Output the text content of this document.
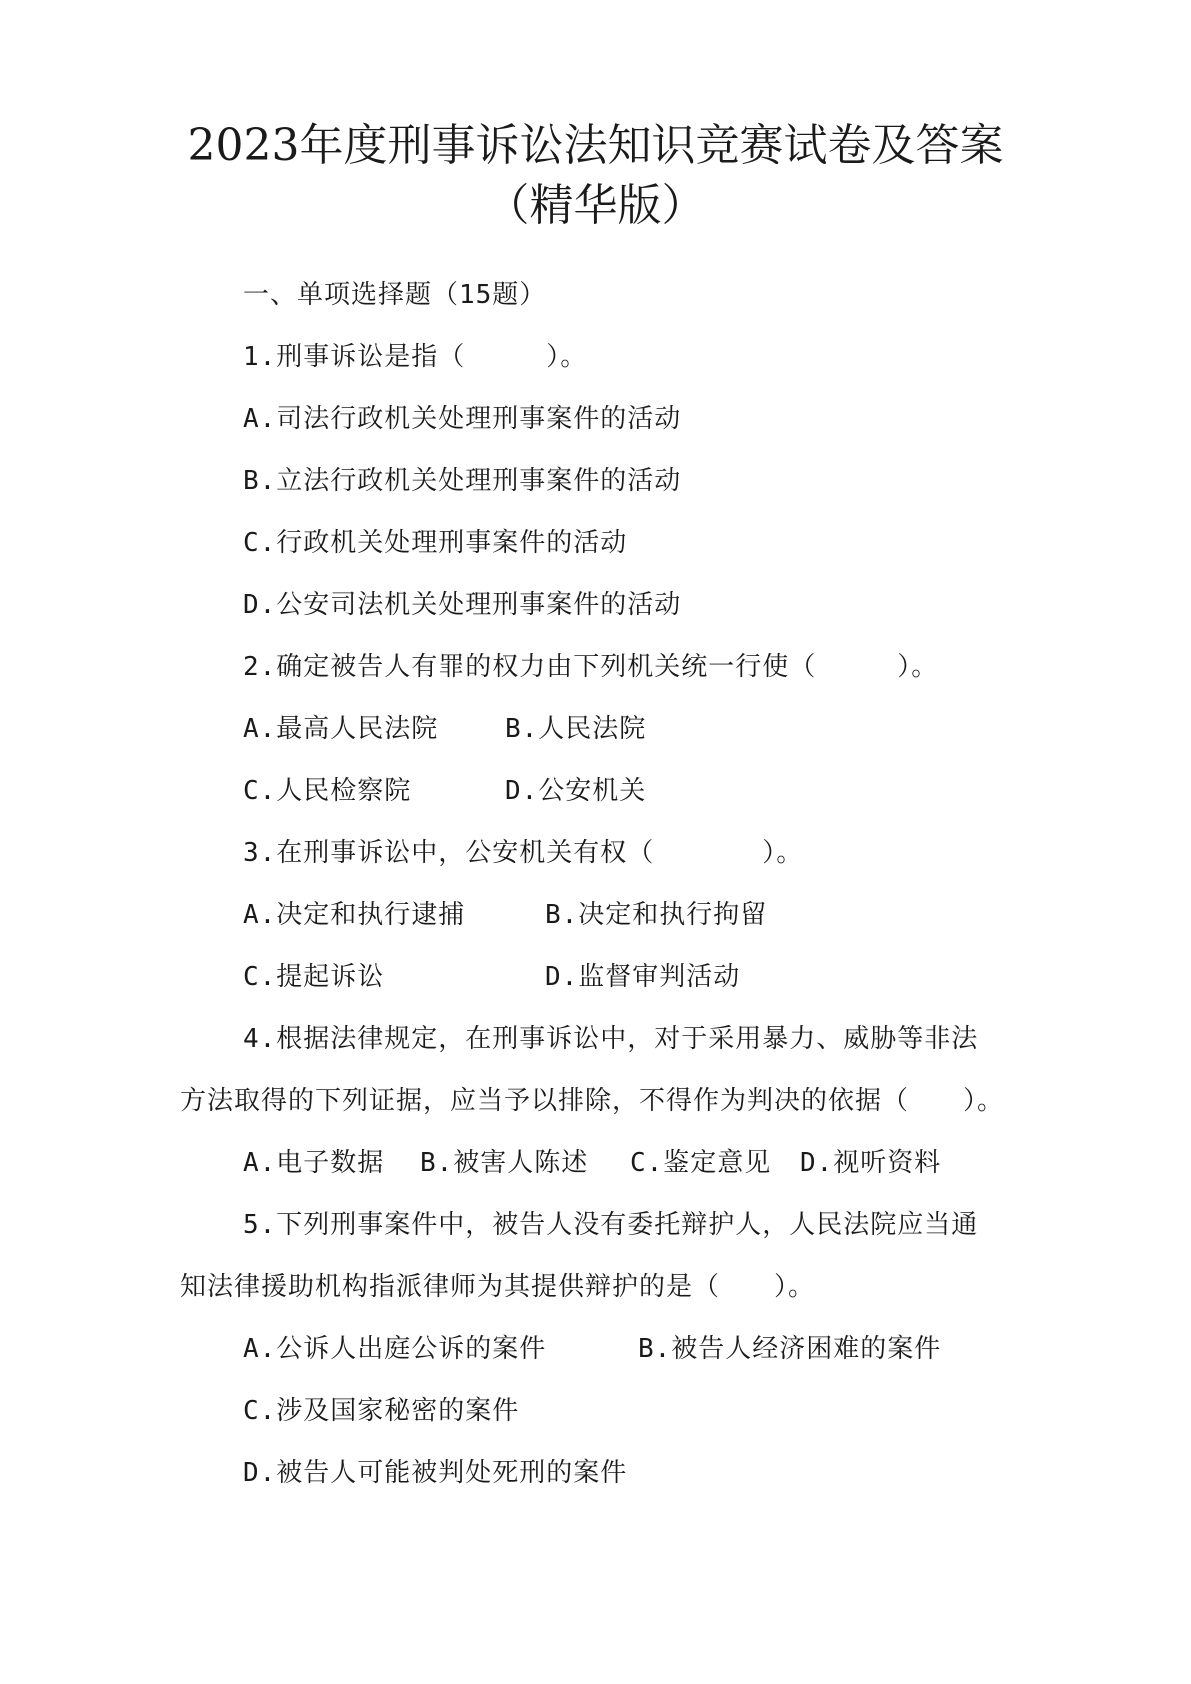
2023年度刑事诉讼法知识竞赛试卷及答案
（精华版）
一、单项选择题（15题）
1.刑事诉讼是指（　　　）。
A.司法行政机关处理刑事案件的活动
B.立法行政机关处理刑事案件的活动
C.行政机关处理刑事案件的活动
D.公安司法机关处理刑事案件的活动
2.确定被告人有罪的权力由下列机关统一行使（　　　）。
A.最高人民法院	B.人民法院
C.人民检察院	D.公安机关
3.在刑事诉讼中，公安机关有权（　　　　）。
A.决定和执行逮捕	B.决定和执行拘留
C.提起诉讼	D.监督审判活动
4.根据法律规定，在刑事诉讼中，对于采用暴力、威胁等非法
方法取得的下列证据，应当予以排除，不得作为判决的依据（　　）。
A.电子数据 B.被害人陈述 C.鉴定意见 D.视听资料
5.下列刑事案件中，被告人没有委托辩护人，人民法院应当通
知法律援助机构指派律师为其提供辩护的是（　　）。
A.公诉人出庭公诉的案件	B.被告人经济困难的案件
C.涉及国家秘密的案件
D.被告人可能被判处死刑的案件
